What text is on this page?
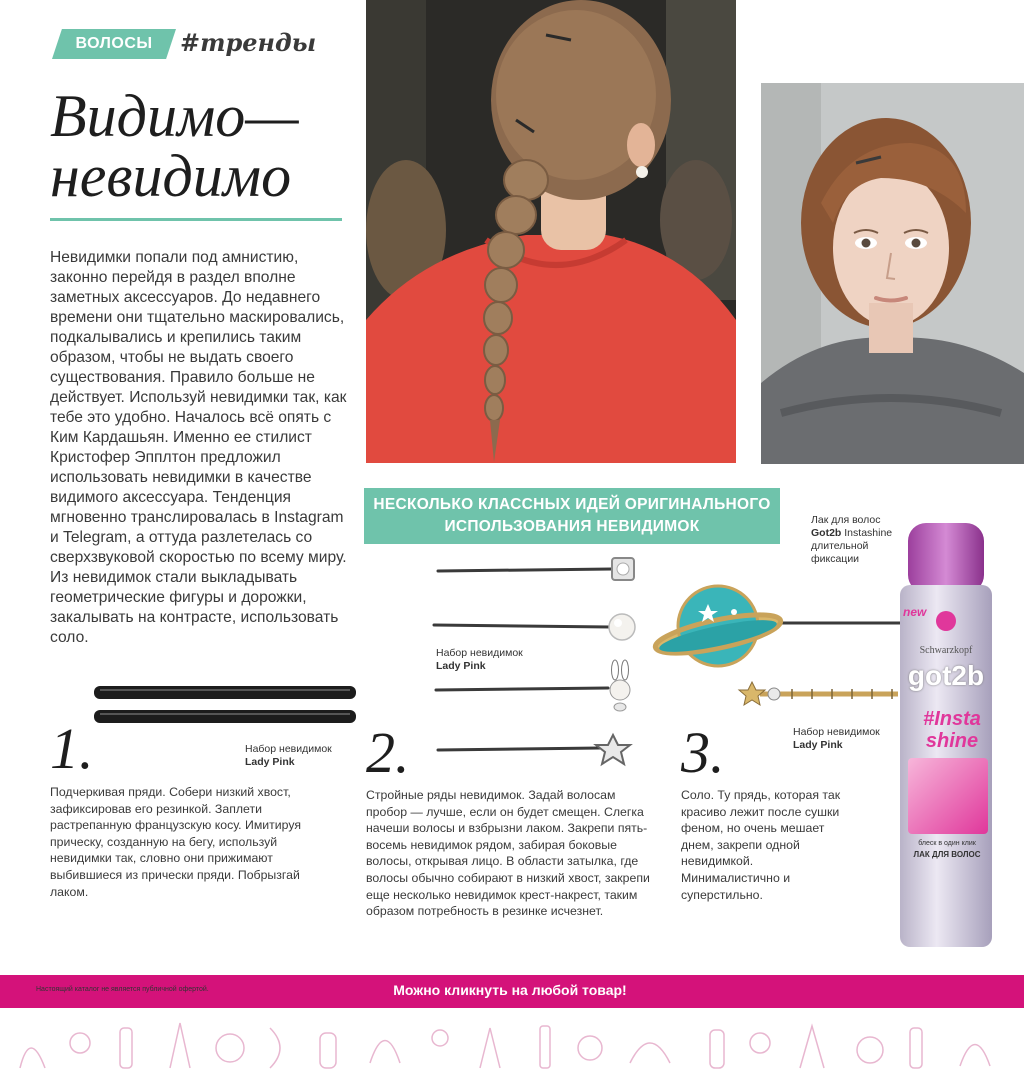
ВОЛОСЫ	#тренды
Видимо—
невидимо
Невидимки попали под амнистию, законно перейдя в раздел вполне заметных аксессуаров. До недавнего времени они тщательно маскировались, подкалывались и крепились таким образом, чтобы не выдать своего существования. Правило больше не действует. Используй невидимки так, как тебе это удобно. Началось всё опять с Ким Кардашьян. Именно ее стилист Кристофер Эпплтон предложил использовать невидимки в качестве видимого аксессуара. Тенденция мгновенно транслировалась в Instagram и Telegram, а оттуда разлетелась со сверхзвуковой скоростью по всему миру. Из невидимок стали выкладывать геометрические фигуры и дорожки, закалывать на контрасте, использовать соло.
НЕСКОЛЬКО КЛАССНЫХ ИДЕЙ ОРИГИНАЛЬНОГО
ИСПОЛЬЗОВАНИЯ НЕВИДИМОК
Набор невидимок
Lady Pink
Набор невидимок
Lady Pink
Набор невидимок
Lady Pink
Лак для волос
Got2b Instashine
длительной
фиксации
new
Schwarzkopf
got2b
#Insta
shine
блеск в один клик
ЛАК ДЛЯ ВОЛОС
1.
Подчеркивая пряди. Собери низкий хвост, зафиксировав его резинкой. Заплети растрепанную французскую косу. Имитируя прическу, созданную на бегу, используй невидимки так, словно они прижимают выбившиеся из прически пряди. Побрызгай лаком.
2.
Стройные ряды невидимок. Задай волосам пробор — лучше, если он будет смещен. Слегка начеши волосы и взбрызни лаком. Закрепи пять-восемь невидимок рядом, забирая боковые волосы, открывая лицо. В области затылка, где волосы обычно собирают в низкий хвост, закрепи еще несколько невидимок крест-накрест, таким образом потребность в резинке исчезнет.
3.
Соло. Ту прядь, которая так красиво лежит после сушки феном, но очень мешает днем, закрепи одной невидимкой. Минималистично и суперстильно.
Настоящий каталог не является публичной офертой.	Можно кликнуть на любой товар!
